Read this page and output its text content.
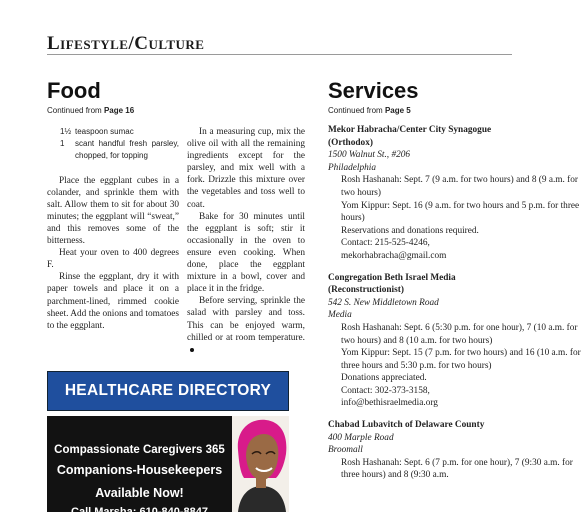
Lifestyle/Culture
Food
Continued from Page 16
1½ teaspoon sumac
1	scant handful fresh parsley, chopped, for topping

Place the eggplant cubes in a colander, and sprinkle them with salt. Allow them to sit for about 30 minutes; the eggplant will “sweat,” and this removes some of the bitterness.

Heat your oven to 400 degrees F.

Rinse the eggplant, dry it with paper towels and place it on a parchment-lined, rimmed cookie sheet. Add the onions and tomatoes to the eggplant.

In a measuring cup, mix the olive oil with all the remaining ingredients except for the parsley, and mix well with a fork. Drizzle this mixture over the vegetables and toss well to coat.

Bake for 30 minutes until the eggplant is soft; stir it occasionally in the oven to ensure even cooking. When done, place the eggplant mixture in a bowl, cover and place it in the fridge.

Before serving, sprinkle the salad with parsley and toss. This can be enjoyed warm, chilled or at room temperature.

Services
Continued from Page 5
Mekor Habracha/Center City Synagogue (Orthodox)
1500 Walnut St., #206
Philadelphia
Rosh Hashanah: Sept. 7 (9 a.m. for two hours) and 8 (9 a.m. for two hours)
Yom Kippur: Sept. 16 (9 a.m. for two hours and 5 p.m. for three hours)
Reservations and donations required.
Contact: 215-525-4246, mekorhabracha@gmail.com
Congregation Beth Israel Media (Reconstructionist)
542 S. New Middletown Road
Media
Rosh Hashanah: Sept. 6 (5:30 p.m. for one hour), 7 (10 a.m. for two hours) and 8 (10 a.m. for two hours)
Yom Kippur: Sept. 15 (7 p.m. for two hours) and 16 (10 a.m. for three hours and 5:30 p.m. for two hours)
Donations appreciated.
Contact: 302-373-3158, info@bethisraelmedia.org
Chabad Lubavitch of Delaware County
400 Marple Road
Broomall
Rosh Hashanah: Sept. 6 (7 p.m. for one hour), 7 (9:30 a.m. for three hours) and 8 (9:30 a.m.
HEALTHCARE DIRECTORY
Compassionate Caregivers 365
Companions-Housekeepers
Available Now!
Call Marsha: 610-840-8847
